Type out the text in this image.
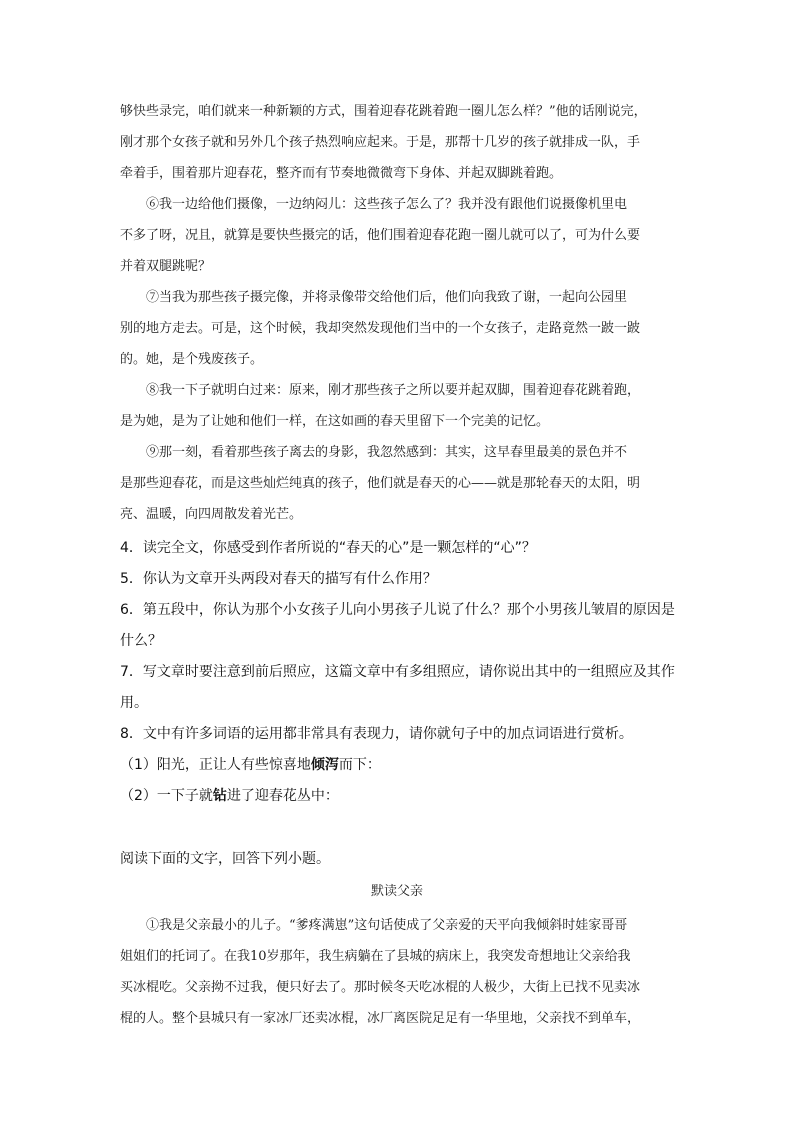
够快些录完，咱们就来一种新颖的方式，围着迎春花跳着跑一圈儿怎么样？”他的话刚说完，
刚才那个女孩子就和另外几个孩子热烈响应起来。于是，那帮十几岁的孩子就排成一队，手
牵着手，围着那片迎春花，整齐而有节奏地微微弯下身体、并起双脚跳着跑。

⑥我一边给他们摄像，一边纳闷儿：这些孩子怎么了？我并没有跟他们说摄像机里电
不多了呀，况且，就算是要快些摄完的话，他们围着迎春花跑一圈儿就可以了，可为什么要
并着双腿跳呢？

⑦当我为那些孩子摄完像，并将录像带交给他们后，他们向我致了谢，一起向公园里
别的地方走去。可是，这个时候，我却突然发现他们当中的一个女孩子，走路竟然一跛一跛
的。她，是个残废孩子。

⑧我一下子就明白过来：原来，刚才那些孩子之所以要并起双脚，围着迎春花跳着跑，
是为她，是为了让她和他们一样，在这如画的春天里留下一个完美的记忆。

⑨那一刻，看着那些孩子离去的身影，我忽然感到：其实，这早春里最美的景色并不
是那些迎春花，而是这些灿烂纯真的孩子，他们就是春天的心——就是那轮春天的太阳，明
亮、温暖，向四周散发着光芒。

4．读完全文，你感受到作者所说的“春天的心”是一颗怎样的“心”？

5．你认为文章开头两段对春天的描写有什么作用？

6．第五段中，你认为那个小女孩子儿向小男孩子儿说了什么？那个小男孩儿皱眉的原因是

什么？

7．写文章时要注意到前后照应，这篇文章中有多组照应，请你说出其中的一组照应及其作

用。

8．文中有许多词语的运用都非常具有表现力，请你就句子中的加点词语进行赏析。

（1）阳光，正让人有些惊喜地倾泻而下：

（2）一下子就钻进了迎春花丛中：

阅读下面的文字，回答下列小题。
默读父亲
①我是父亲最小的儿子。“爹疼满崽”这句话使成了父亲爱的天平向我倾斜时娃家哥哥
姐姐们的托词了。在我10岁那年，我生病躺在了县城的病床上，我突发奇想地让父亲给我
买冰棍吃。父亲拗不过我，便只好去了。那时候冬天吃冰棍的人极少，大街上已找不见卖冰
棍的人。整个县城只有一家冰厂还卖冰棍，冰厂离医院足足有一华里地，父亲找不到单车，
